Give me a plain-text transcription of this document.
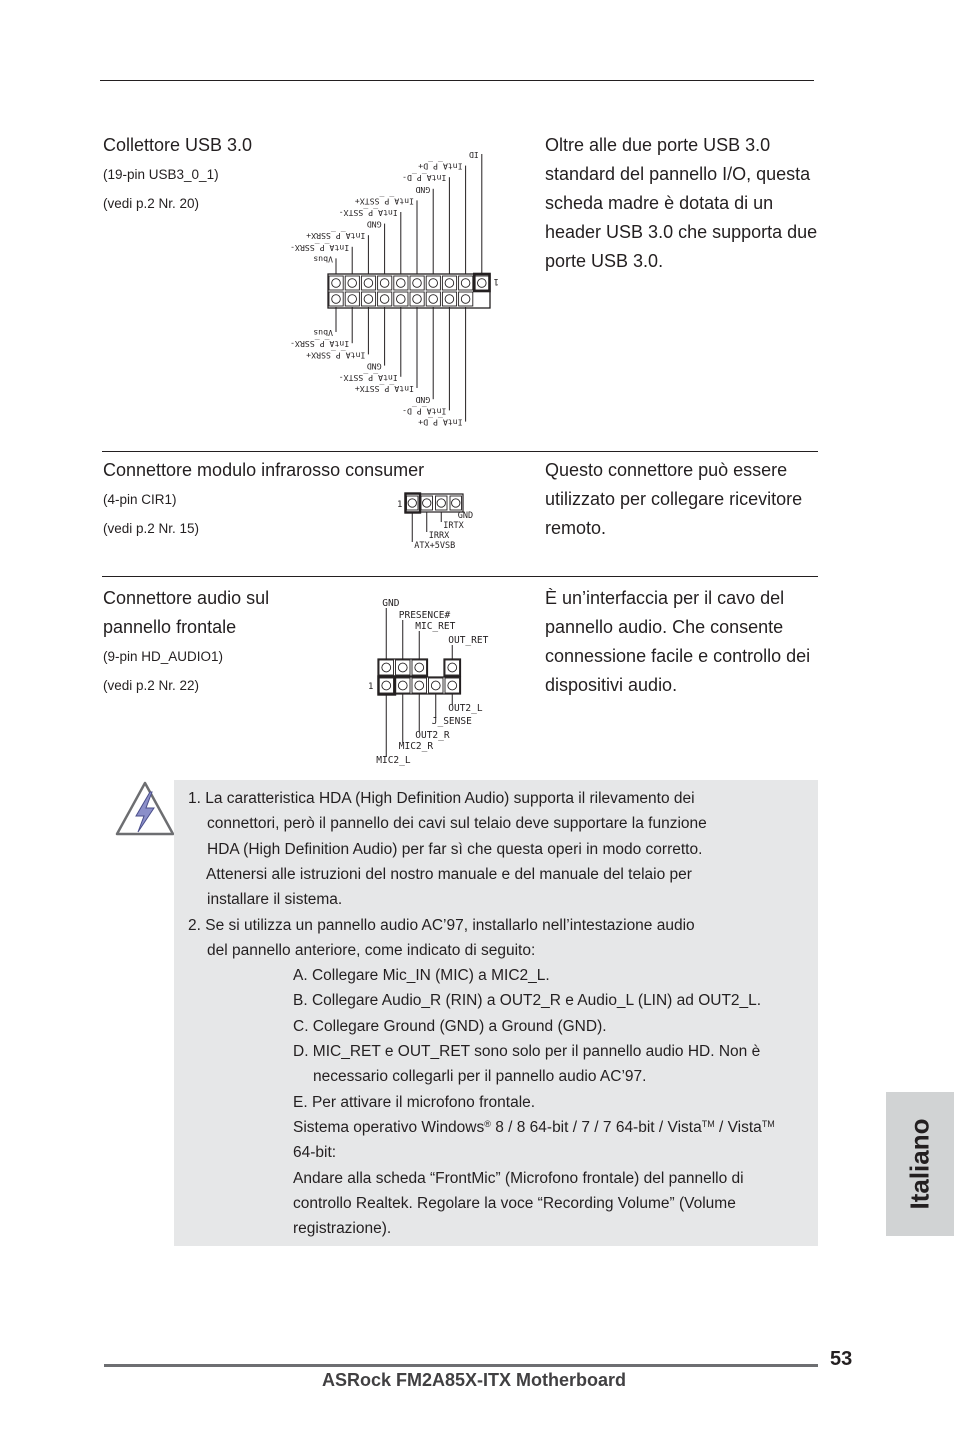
Collettore USB 3.0
(19-pin USB3_0_1)
(vedi p.2 Nr. 20)
Oltre alle due porte USB 3.0 standard del pannello I/O, questa scheda madre è dotata di un header USB 3.0 che supporta due porte USB 3.0.
ID
IntA_P_D+
IntA_P_D-
GND
IntA_P_SSTX+
IntA_P_SSTX-
GND
IntA_P_SSRX+
IntA_P_SSRX-
Vbus
Vbus
IntA_P_SSRX-
IntA_P_SSRX+
GND
IntA_P_SSTX-
IntA_P_SSTX+
GND
IntA_P_D-
IntA_P_D+
1
Connettore modulo infrarosso consumer
(4-pin CIR1)
(vedi p.2 Nr. 15)
Questo connettore può essere utilizzato per collegare ricevitore remoto.
1
GND
IRTX
IRRX
ATX+5VSB
Connettore audio sul
pannello frontale
(9-pin HD_AUDIO1)
(vedi p.2 Nr. 22)
È un’interfaccia per il cavo del pannello audio. Che consente connessione facile e controllo dei dispositivi audio.
1
GND
PRESENCE#
MIC_RET
OUT_RET
OUT2_L
J_SENSE
OUT2_R
MIC2_R
MIC2_L
1. La caratteristica HDA (High Definition Audio) supporta il rilevamento dei
connettori, però il pannello dei cavi sul telaio deve supportare la funzione
HDA (High Definition Audio) per far sì che questa operi in modo corretto.
Attenersi alle istruzioni del nostro manuale e del manuale del telaio per
installare il sistema.
2. Se si utilizza un pannello audio AC’97, installarlo nell’intestazione audio
del pannello anteriore, come indicato di seguito:
A. Collegare Mic_IN (MIC) a MIC2_L.
B. Collegare Audio_R (RIN) a OUT2_R e Audio_L (LIN) ad OUT2_L.
C. Collegare Ground (GND) a Ground (GND).
D. MIC_RET e OUT_RET sono solo per il pannello audio HD. Non è
necessario collegarli per il pannello audio AC’97.
E. Per attivare il microfono frontale.
Sistema operativo Windows® 8 / 8 64-bit / 7 / 7 64-bit / Vista™ / Vista™
64-bit:
Andare alla scheda “FrontMic” (Microfono frontale) del pannello di
controllo Realtek. Regolare la voce “Recording Volume” (Volume
registrazione).
Italiano
53
ASRock FM2A85X-ITX Motherboard
